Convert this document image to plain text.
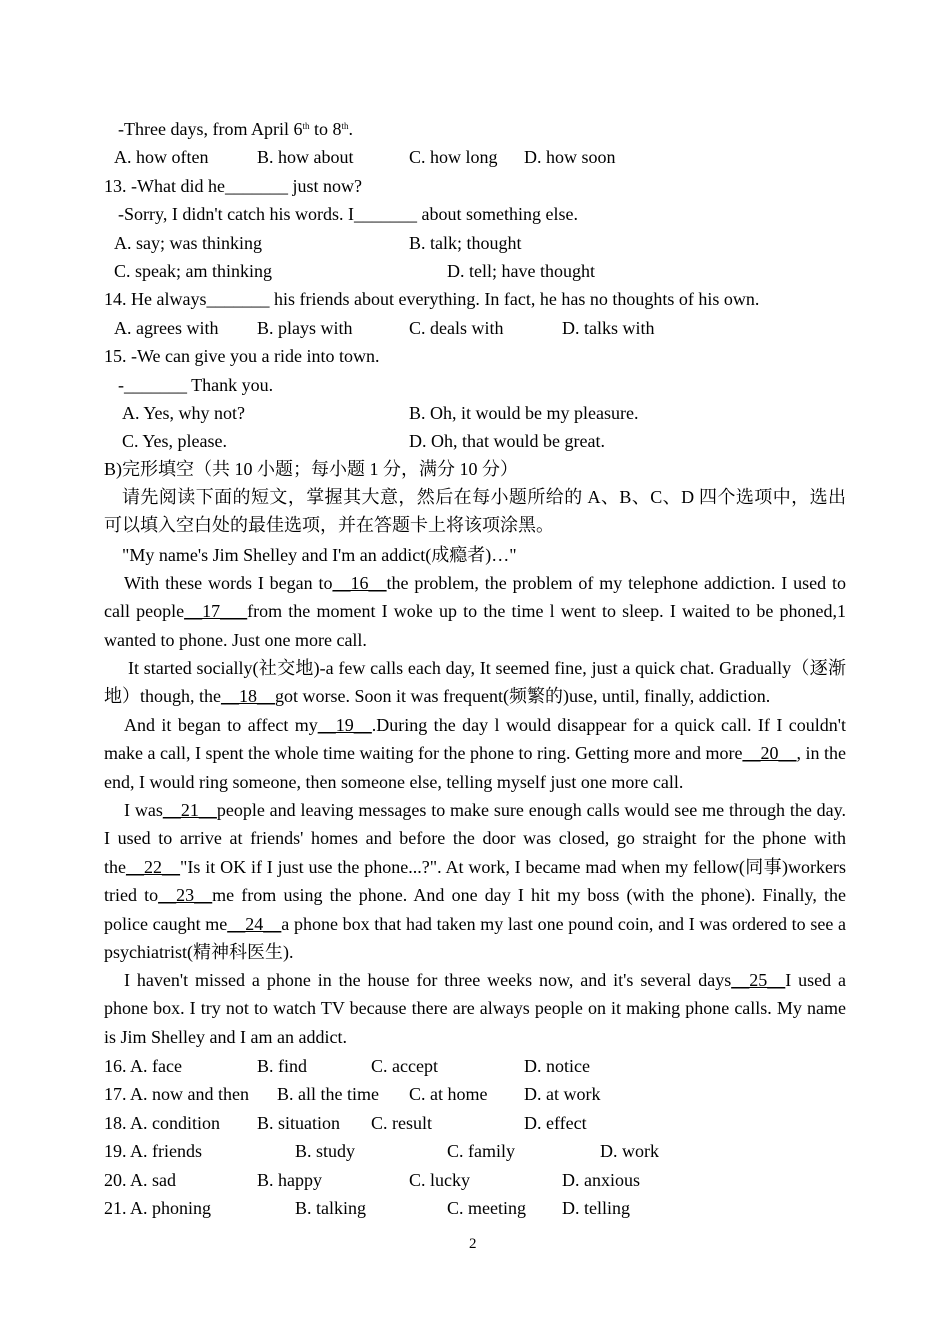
-Three days, from April 6th to 8th.
A. how often	B. how about	C. how long D. how soon
13. -What did he_______ just now?
-Sorry, I didn't catch his words. I_______ about something else.
A. say; was thinking	B. talk; thought
C. speak; am thinking	D. tell; have thought
14. He always_______ his friends about everything. In fact, he has no thoughts of his own.
A. agrees with B. plays with	C. deals with	D. talks with
15. -We can give you a ride into town.
-_______ Thank you.
A. Yes, why not?	B. Oh, it would be my pleasure.
C. Yes, please.	D. Oh, that would be great.
B)完形填空（共 10 小题；每小题 1 分，满分 10 分）
请先阅读下面的短文，掌握其大意，然后在每小题所给的 A、B、C、D 四个选项中，选出可以填入空白处的最佳选项，并在答题卡上将该项涂黑。
"My name's Jim Shelley and I'm an addict(成瘾者)…"
With these words I began to__16__the problem, the problem of my telephone addiction. I used to call people__17___from the moment I woke up to the time l went to sleep. I waited to be phoned,1 wanted to phone. Just one more call.
It started socially(社交地)-a few calls each day, It seemed fine, just a quick chat. Gradually（逐渐地）though, the__18__got worse. Soon it was frequent(频繁的)use, until, finally, addiction.
And it began to affect my__19__.During the day l would disappear for a quick call. If I couldn't make a call, I spent the whole time waiting for the phone to ring. Getting more and more__20__, in the end, I would ring someone, then someone else, telling myself just one more call.
I was__21__people and leaving messages to make sure enough calls would see me through the day. I used to arrive at friends' homes and before the door was closed, go straight for the phone with the__22__"Is it OK if I just use the phone...?". At work, I became mad when my fellow(同事)workers tried to__23__me from using the phone. And one day I hit my boss (with the phone). Finally, the police caught me__24__a phone box that had taken my last one pound coin, and I was ordered to see a psychiatrist(精神科医生).
I haven't missed a phone in the house for three weeks now, and it's several days__25__I used a phone box. I try not to watch TV because there are always people on it making phone calls. My name is Jim Shelley and I am an addict.
16. A. face	B. find	C. accept	D. notice
17. A. now and then B. all the time C. at home D. at work
18. A. condition B. situation C. result	D. effect
19. A. friends	B. study	C. family	D. work
20. A. sad	B. happy	C. lucky	D. anxious
21. A. phoning	B. talking	C. meeting D. telling
2
